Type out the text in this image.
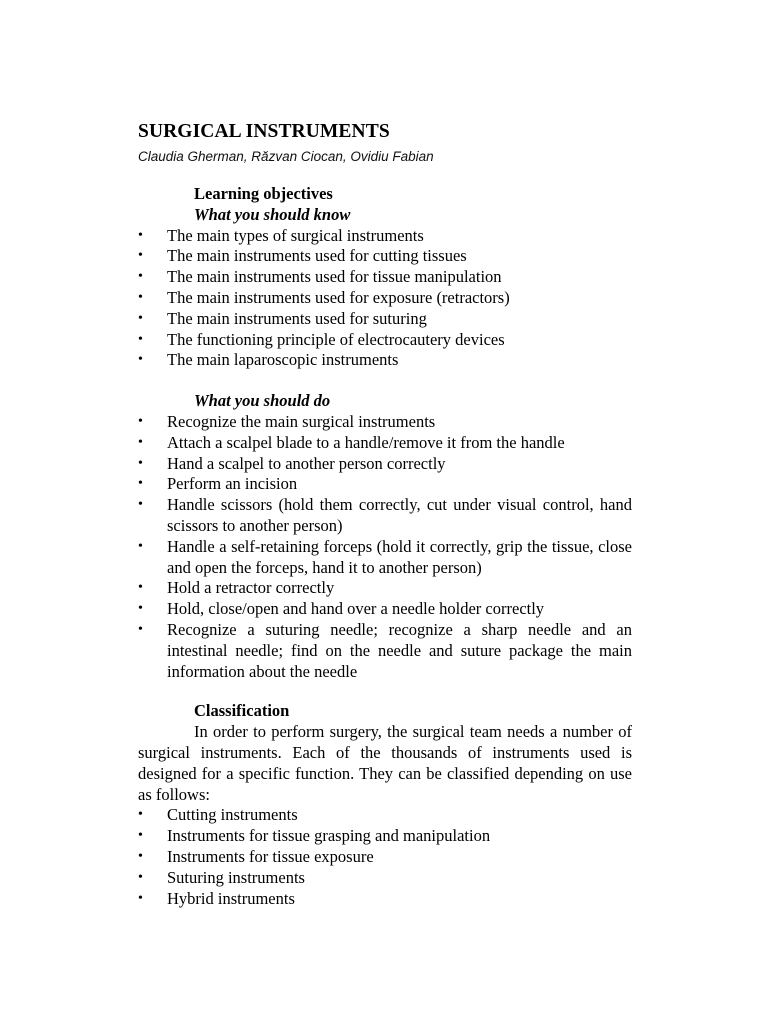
SURGICAL INSTRUMENTS

Claudia Gherman, Răzvan Ciocan, Ovidiu Fabian

Learning objectives

What you should know

•	The main types of surgical instruments
•	The main instruments used for cutting tissues
•	The main instruments used for tissue manipulation
•	The main instruments used for exposure (retractors)
•	The main instruments used for suturing
•	The functioning principle of electrocautery devices
•	The main laparoscopic instruments

What you should do

•	Recognize the main surgical instruments
•	Attach a scalpel blade to a handle/remove it from the handle
•	Hand a scalpel to another person correctly
•	Perform an incision
•	Handle scissors (hold them correctly, cut under visual control, hand scissors to another person)
•	Handle a self-retaining forceps (hold it correctly, grip the tissue, close and open the forceps, hand it to another person)
•	Hold a retractor correctly
•	Hold, close/open and hand over a needle holder correctly
•	Recognize a suturing needle; recognize a sharp needle and an intestinal needle; find on the needle and suture package the main information about the needle

Classification

In order to perform surgery, the surgical team needs a number of surgical instruments. Each of the thousands of instruments used is designed for a specific function. They can be classified depending on use as follows:

•	Cutting instruments
•	Instruments for tissue grasping and manipulation
•	Instruments for tissue exposure
•	Suturing instruments
•	Hybrid instruments
